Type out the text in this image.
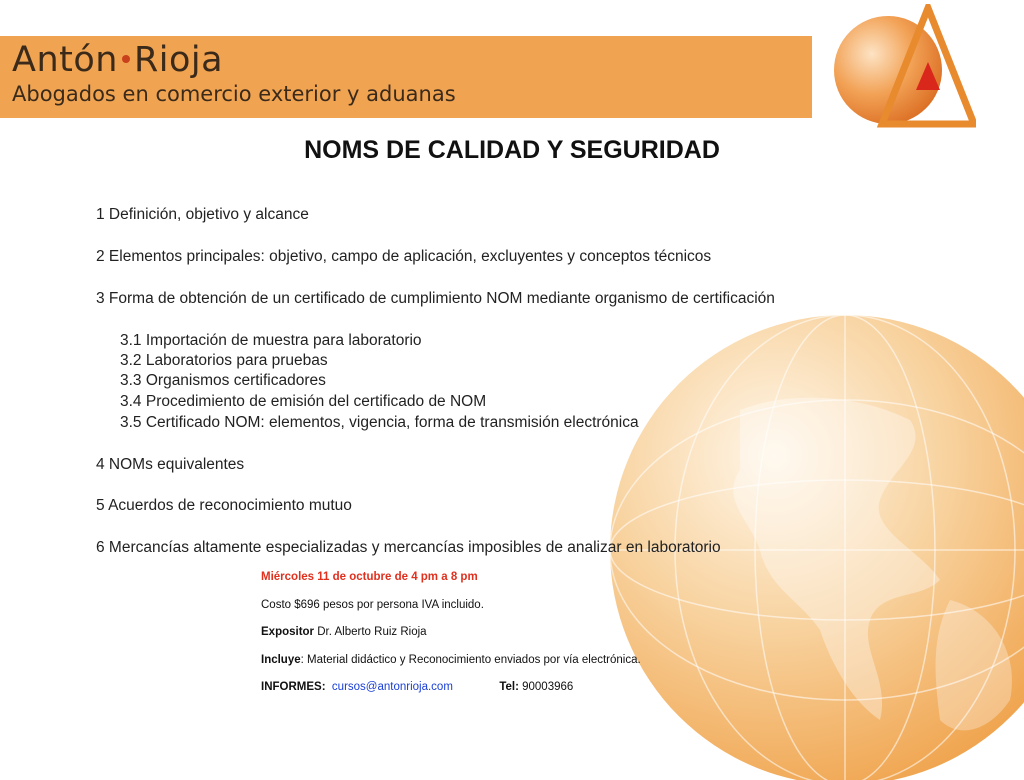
Antón Rioja
Abogados en comercio exterior y aduanas
NOMS DE CALIDAD Y SEGURIDAD
1 Definición, objetivo y alcance
2 Elementos principales: objetivo, campo de aplicación, excluyentes y conceptos técnicos
3 Forma de obtención de un certificado de cumplimiento NOM mediante organismo de certificación
3.1 Importación de muestra para laboratorio
3.2 Laboratorios para pruebas
3.3 Organismos certificadores
3.4 Procedimiento de emisión del certificado de NOM
3.5 Certificado NOM: elementos, vigencia, forma de transmisión electrónica
4 NOMs equivalentes
5 Acuerdos de reconocimiento mutuo
6 Mercancías altamente especializadas y mercancías imposibles de analizar en laboratorio
Miércoles 11 de octubre de 4 pm a 8 pm
Costo $696 pesos por persona IVA incluido.
Expositor Dr. Alberto Ruiz Rioja
Incluye: Material didáctico y Reconocimiento enviados por vía electrónica.
INFORMES: cursos@antonrioja.com	Tel: 90003966
